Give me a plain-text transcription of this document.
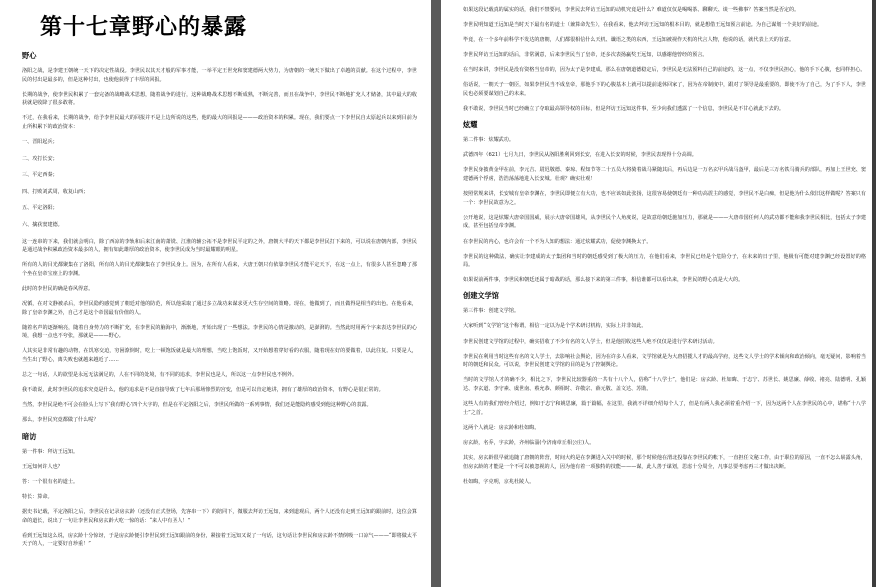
第十七章野心的暴露
野心
洛阳之战，是李建王朝统一天下的决定性战役。李世民以其天才般的军事才能，一举平定王世充和窦建德两大势力，为唐朝的一统天下做出了卓越的贡献。在这个过程中，李世民的付出是最多的，但是这种付出，也使他获得了丰厚的回报。
长期的战争，使李世民积累了一套完备的战略战术思想，随着战争的进行，这种战略战术思想不断成熟，不断完善，而且在战争中，李世民不断地扩充人才储备，其中最大的收获就是收降了很多敢将。
不过，在我看来，长期的战争，给予李世民最大的回报并不是上边所说的这些，他的最大的回报是———政治资本的积累。现在，我们要点一下李世民自太原起兵以来到目前为止所积累下的政治资本：
一、晋阳起兵；
二、攻打长安；
三、平定西秦；
四、打败刘武周，收复山西；
五、平定洛阳；
六、擒获窦建德。
这一连串的下来，我们就会明白，除了西凉的李轨和后来江南的萧铣、江淮的辅公祏不是李世民平定的之外，唐朝大半的天下都是李世民打下来的，可以说在唐朝内部，李世民是通过战争积累政治资本最多的人，拥有如此雄厚的政治资本，使李世民成为当时最耀眼的明星。
所有的人的目光都聚集在了洛阳，所有的人的目光都聚集在了李世民身上。因为，在所有人看来，大唐王朝只有依靠李世民才能平定天下，在这一点上，有很多人甚至忽略了那个坐在皇帝宝座上的李渊。
此时的李世民的确是春风得意。
况循，在对文静被杀后，李世民隐约感觉到了朝廷对他的防范，所以他采取了通过多立战功来谋求更大生存空间的策略。现在，他做到了，而且做得是相当的出色。在他看来，除了皇帝李渊之外，自己才是这个帝国最有价值的人。
随着名声的逐渐响亮，随着自身势力的不断扩充，在李世民的脑海中，渐渐地，开始出现了一些想法。李世民的心情是激动的，是澎湃的。当然此时用两个字来表达李世民的心境，我想一点也不夸张，那就是———野心。
人其实是非常有趣的动物，在饥寒交迫，穷困潦倒时，吃上一顿饱饭就是最大的理想，当吃上饱饭时，又开始想着穿好看的衣服，随着现在好的要做着，以此往复。只要是人，当生出了野心，离失败也就越来越近了……
总之一句话，人的欲望是永远无法满足的，人在不同的处境，有不同的追求，李世民也是人，所以这一点李世民也不例外。
我不敢说，此时李世民的追求究竟是什么，他的追求是不是直接导致了七年后那场惨烈的宫变，但是可以肯定地讲，拥有了雄厚的政治资本，有野心是很正常的。
当然，李世民是绝不可会在脸头上写下‘我有野心’四个大字的，但是在平定洛阳之后，李世民所做的一系列事情，我们还是能隐约感受到他这种野心的表露。
那么，李世民究竟都做了什么呢？
暗访
第一件事：拜访王远知。
王远知何许人也？
答：一个很有名的道士。
特长：算命。
据史书记载，平定洛阳之后，李世民在记录房玄龄（还没有正式登场，先客串一下）的陪同下，微服去拜访王远知，来到道观后，两个人还没有走到王远知的跟前时，这位会算命的道长，说出了一句让李世民和房玄龄大吃一惊的话：“来人中有圣人！”
看到王远知这么说，房玄龄十分惊讶，于是房玄龄便引李世民到王远知跟前的身份，紧接着王远知又说了一句话，这句话让李世民和房玄龄不禁倒吸一口凉气———“即将做太平天子的人，一定要好自珍重！”
如果这段记载真的属实的话，我们不禁要问，李世民去拜访王远知的动机究竟是什么？难道仅仅是喝喝茶、聊聊天、谈一些佛事？答案当然是否定的。
李世民明知道王远知是当时天下最有名的道士（兼算命先生），在我看来，他去拜访王远知的根本目的，就是想借王远知预言前途。为自己谋划一个美好的前途。
毕竟，在一个多年前科学不发达的唐朝，人们都很相信什么天机、谶语之类的东西，王远知被视作天机的代言人物，他说的话，就代表上天的旨意。
李世民拜访王远知的话后，非常满意，后来李世民当了皇帝，还多次表扬赢奖王远知，以感谢他曾经的预言。
在当时来讲，李世民是没有资格当皇帝的，因为太子是李建成。那么在唐朝道德稳定后，李世民是无法预料自己的前途的，这一点，不仅李世民担心，他的手下心腹，也同样担心。
俗话说，一朝天子一朝臣，如果李世民当不成皇帝，那他手下的心腹基本上就可以提前退休回家了，因为在帝制度中，跟对了领导是最重要的，即使不为了自己，为了手下人，李世民也必须要谋划自己的未来。
我不敢说，李世民当时已经确立了夺取最高领导权的目标，但是拜访王远知这件事，至少向我们透露了一个信息，李世民是不甘心就此下去的。
炫耀
第二件事：炫耀武功。
武德四年（621）七月九日，李世民从洛阳胜利回到长安，在进入长安的时候，李世民表现得十分高调。
李世民身披黄金甲在前，李元吉、尉迟敬德、秦琼、程知节等二十五员大将骑着战马紧随其后，再后边是一万名玄甲兵战马盔甲，最后是三万名铁马骑兵的部队，再加上王世充、窦建德两个俘虏，浩浩荡荡地进入长安城。壮观？确实壮观！
按照常规来讲，长安城有皇帝李渊在，李世民即便立有大功，也不应该如此张扬，这很容易使朝廷有一种功高震主的感觉，李世民不是白痴，但是他为什么依旧这样做呢？答案只有一个：李世民故意为之。
公开地说，这是炫耀大唐帝国国威，展示大唐帝国雄风，从李世民个人角度说，是故意给朝廷施加压力，那就是———大唐帝国任何人的武功都不能和我李世民相比，包括太子李建成，甚至包括皇帝李渊。
在李世民的内心，也许会有一个不为人知的想法：通过炫耀武功，促使李渊换太子。
李世民的这种做法，确实让李建成的太子集团和当时的朝廷感受到了极大的压力，在他们看来，李世民已经是个危险分子，在未来的日子里，他极有可能对建李渊已经设置好的格局。
如果说前两件事，李世民和朝廷还属于暗战的话，那么接下来的第三件事，相信谁都可以看出来，李世民的野心真是大大的。
创建文学馆
第三件事：创建文学馆。
大家听到“文学馆”这个称谓，相信一定以为是个学术研讨机构，实际上并非如此。
李世民创建文学馆的过程中，确实招收了不少有名的文人学士，但是他招收这些人绝不仅仅是进行学术研讨活动。
李世民在利用当时这些有名的文人学士，去影响社会舆论，因为在许多人看来，文学馆就是为大唐招揽人才的最高学府，这些文人学士的学术倾向和政治倾向，毫无疑问，影响着当时的朝廷和民众。可以说，李世民创建文学馆的目的是为了控制舆论。
当时的文学馆人才的确不少，相比之下，李世民比较器重的一共有十八个人，俗称“十八学士”，他们是：房玄龄、杜如晦、于志宁、苏世长、姚思廉、薛收、褚亮、陆德明、孔颖达、李玄道、李守素、虞世南、蔡允恭、颜相时、许敬宗、薛元敬、盖文达、苏勖。
这些人有的我们曾经介绍过，例如于志宁和姚思廉，篇于篇幅，在这里，我就不详细介绍每个人了，但是有两人我必须着重介绍一下，因为这两个人在李世民的心中，堪称“十八学士”之首。
这两个人就是：房玄龄和杜如晦。
房玄龄，名乔，字玄龄，齐州临淄(今济南章丘相公庄)人。
其实，房玄龄很早就追随了唐朝的阵营，时间大约是在李渊进入关中的时候，那个时候他在渭北投靠在李世民的帐下，一直担任文秘工作，由于职位的原因，一直不怎么崭露头角，但房玄龄的才能是一个不可以被忽视的人，因为他有着一项独特的技能———谋，此人善于谋划，思虑十分周全，凡事总要考虑再三才做出决断。
杜如晦，字克明，京兆杜陵人。
